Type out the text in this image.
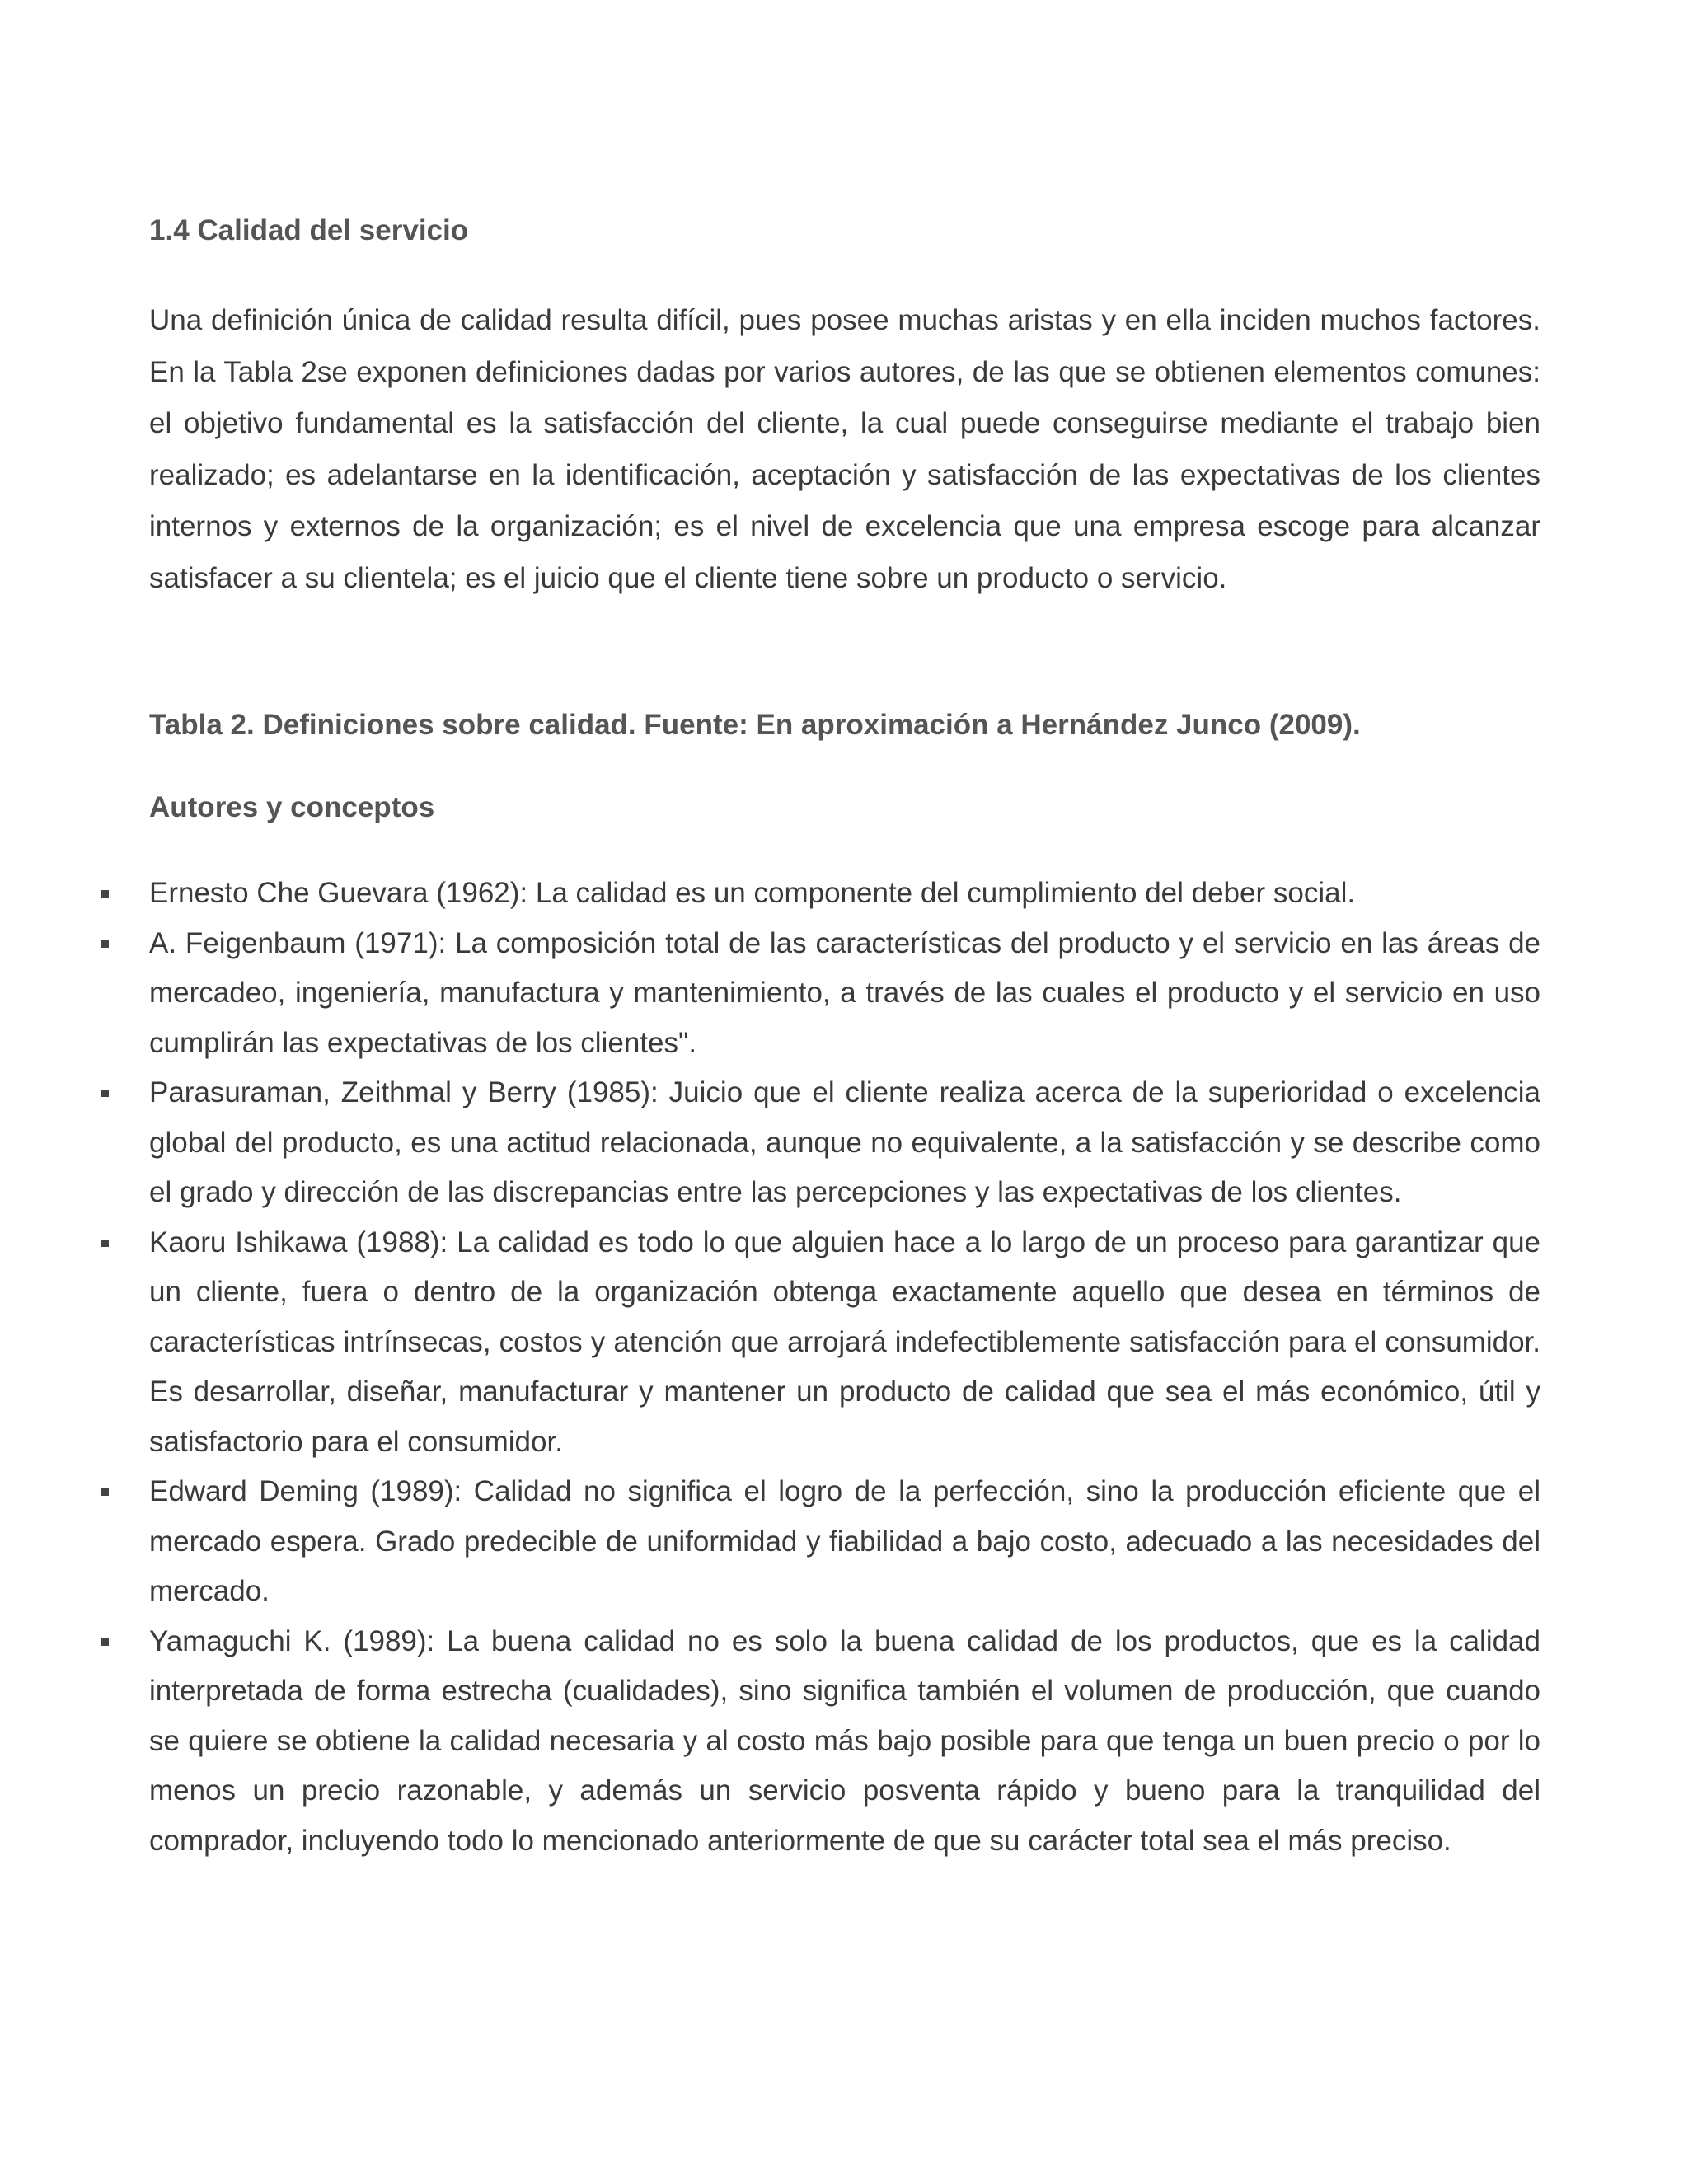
1.4 Calidad del servicio

Una definición única de calidad resulta difícil, pues posee muchas aristas y en ella inciden muchos factores. En la Tabla 2se exponen definiciones dadas por varios autores, de las que se obtienen elementos comunes: el objetivo fundamental es la satisfacción del cliente, la cual puede conseguirse mediante el trabajo bien realizado; es adelantarse en la identificación, aceptación y satisfacción de las expectativas de los clientes internos y externos de la organización; es el nivel de excelencia que una empresa escoge para alcanzar satisfacer a su clientela; es el juicio que el cliente tiene sobre un producto o servicio.

Tabla 2. Definiciones sobre calidad. Fuente: En aproximación a Hernández Junco (2009).

Autores y conceptos

Ernesto Che Guevara (1962): La calidad es un componente del cumplimiento del deber social.
A. Feigenbaum (1971): La composición total de las características del producto y el servicio en las áreas de mercadeo, ingeniería, manufactura y mantenimiento, a través de las cuales el producto y el servicio en uso cumplirán las expectativas de los clientes".
Parasuraman, Zeithmal y Berry (1985): Juicio que el cliente realiza acerca de la superioridad o excelencia global del producto, es una actitud relacionada, aunque no equivalente, a la satisfacción y se describe como el grado y dirección de las discrepancias entre las percepciones y las expectativas de los clientes.
Kaoru Ishikawa (1988): La calidad es todo lo que alguien hace a lo largo de un proceso para garantizar que un cliente, fuera o dentro de la organización obtenga exactamente aquello que desea en términos de características intrínsecas, costos y atención que arrojará indefectiblemente satisfacción para el consumidor. Es desarrollar, diseñar, manufacturar y mantener un producto de calidad que sea el más económico, útil y satisfactorio para el consumidor.
Edward Deming (1989): Calidad no significa el logro de la perfección, sino la producción eficiente que el mercado espera. Grado predecible de uniformidad y fiabilidad a bajo costo, adecuado a las necesidades del mercado.
Yamaguchi K. (1989): La buena calidad no es solo la buena calidad de los productos, que es la calidad interpretada de forma estrecha (cualidades), sino significa también el volumen de producción, que cuando se quiere se obtiene la calidad necesaria y al costo más bajo posible para que tenga un buen precio o por lo menos un precio razonable, y además un servicio posventa rápido y bueno para la tranquilidad del comprador, incluyendo todo lo mencionado anteriormente de que su carácter total sea el más preciso.
